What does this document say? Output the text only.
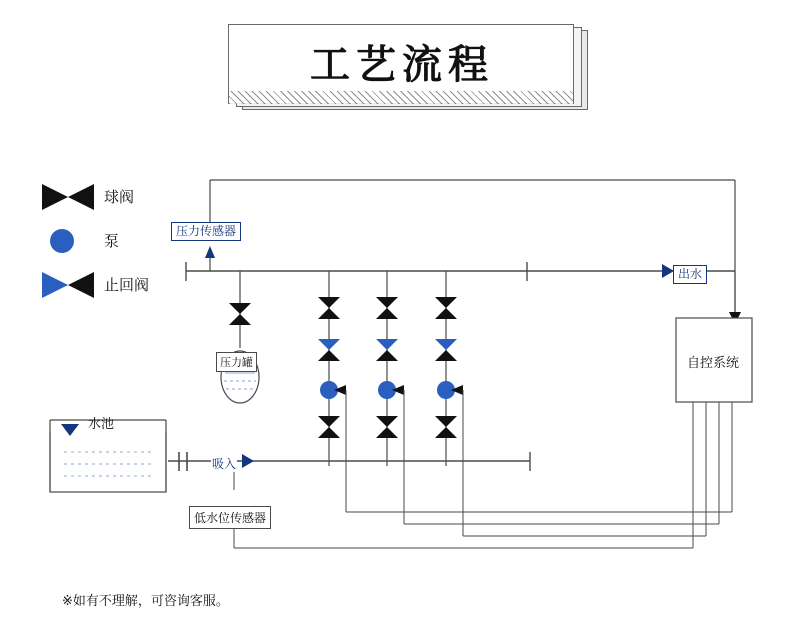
工艺流程
球阀
泵
止回阀
压力传感器
压力罐
水池
吸入
出水
低水位传感器
自控系统
※如有不理解，可咨询客服。
